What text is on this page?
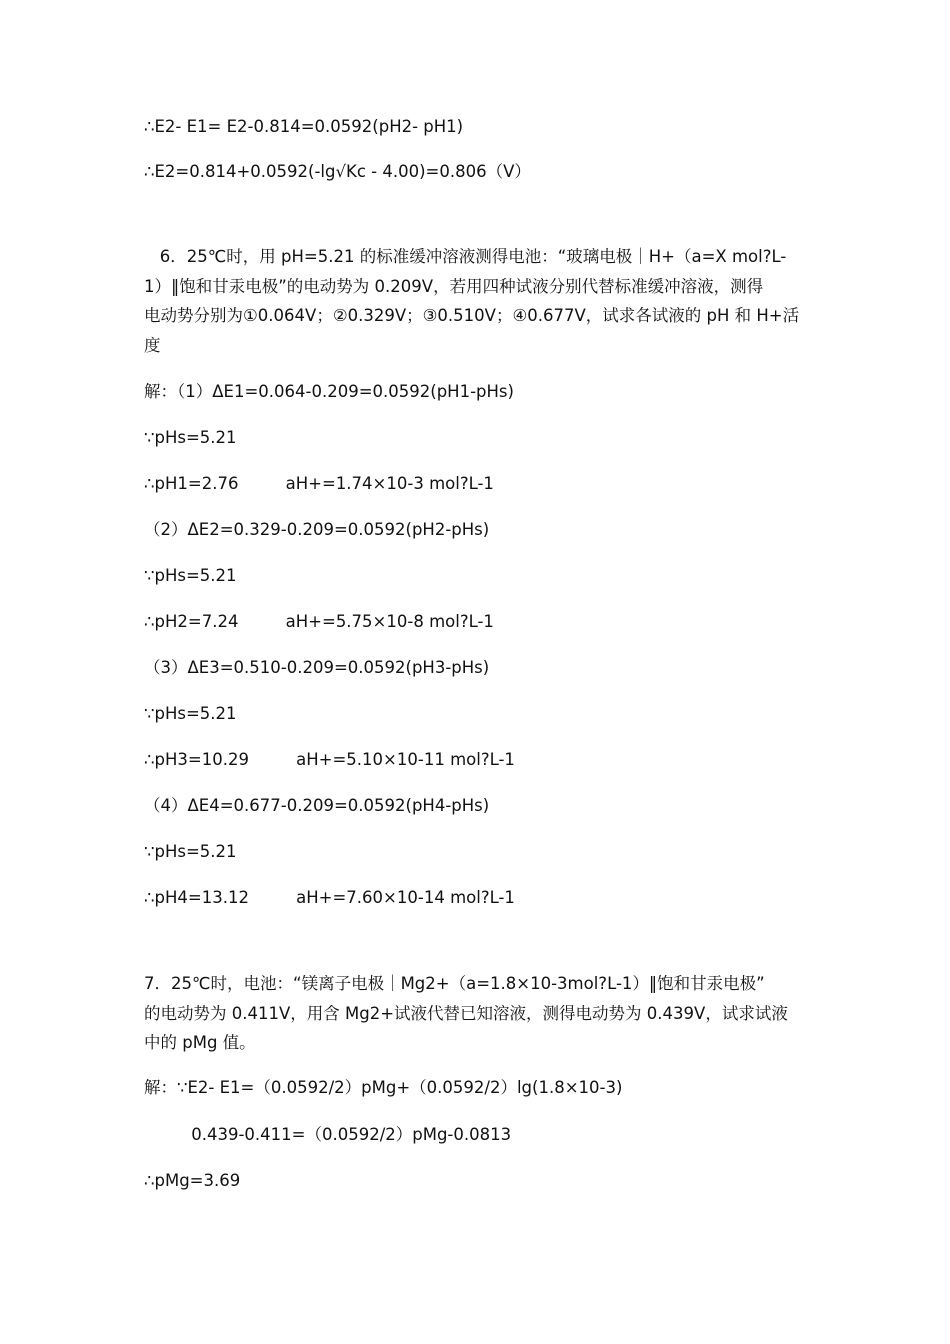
∴E2- E1= E2-0.814=0.0592(pH2- pH1)
∴E2=0.814+0.0592(-lg√Kc - 4.00)=0.806（V）
6．25℃时，用 pH=5.21 的标准缓冲溶液测得电池：“玻璃电极｜H+（a=X mol?L-
1）‖饱和甘汞电极”的电动势为 0.209V，若用四种试液分别代替标准缓冲溶液，测得
电动势分别为①0.064V；②0.329V；③0.510V；④0.677V，试求各试液的 pH 和 H+活
度
解：（1）ΔE1=0.064-0.209=0.0592(pH1-pHs)
∵pHs=5.21
∴pH1=2.76         aH+=1.74×10-3 mol?L-1
（2）ΔE2=0.329-0.209=0.0592(pH2-pHs)
∵pHs=5.21
∴pH2=7.24         aH+=5.75×10-8 mol?L-1
（3）ΔE3=0.510-0.209=0.0592(pH3-pHs)
∵pHs=5.21
∴pH3=10.29         aH+=5.10×10-11 mol?L-1
（4）ΔE4=0.677-0.209=0.0592(pH4-pHs)
∵pHs=5.21
∴pH4=13.12         aH+=7.60×10-14 mol?L-1
7．25℃时，电池：“镁离子电极｜Mg2+（a=1.8×10-3mol?L-1）‖饱和甘汞电极”
的电动势为 0.411V，用含 Mg2+试液代替已知溶液，测得电动势为 0.439V，试求试液
中的 pMg 值。
解：∵E2- E1=（0.0592/2）pMg+（0.0592/2）lg(1.8×10-3)
0.439-0.411=（0.0592/2）pMg-0.0813
∴pMg=3.69
